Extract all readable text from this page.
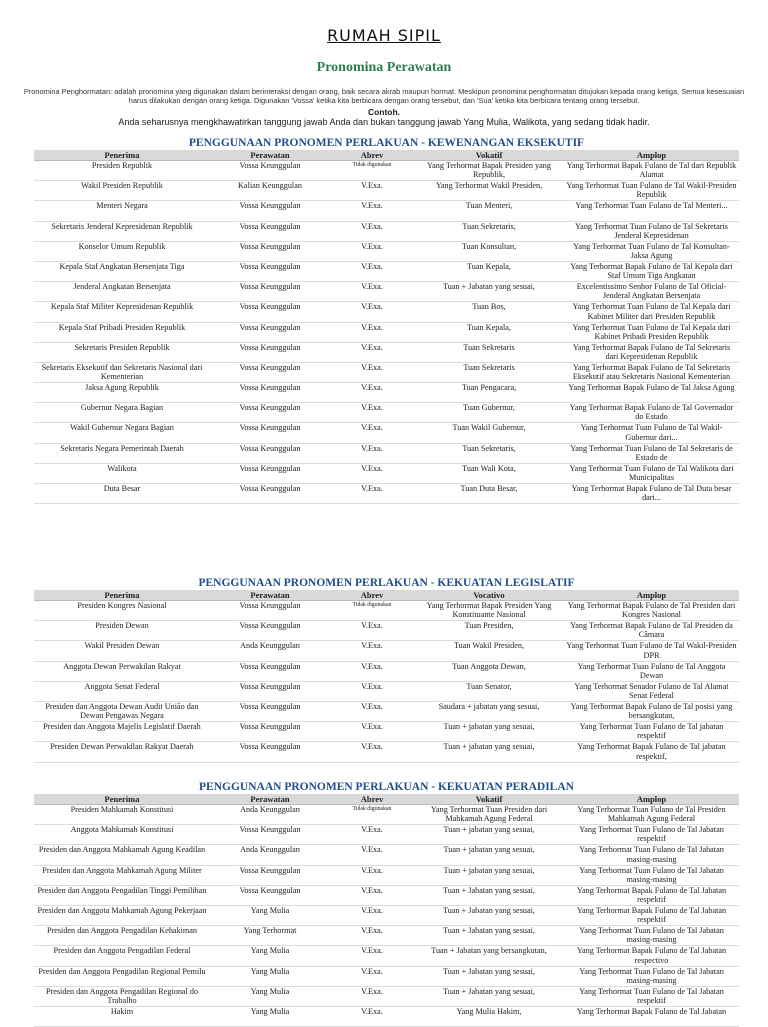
RUMAH SIPIL
Pronomina Perawatan
Pronomina Penghormatan: adalah pronomina yang digunakan dalam berinteraksi dengan orang, baik secara akrab maupun hormat. Meskipun pronomina penghormatan ditujukan kepada orang ketiga, Semua kesesuaian harus dilakukan dengan orang ketiga. Digunakan 'Vossa' ketika kita berbicara dengan orang tersebut, dan 'Sua' ketika kita berbicara tentang orang tersebut.
Contoh.
Anda seharusnya mengkhawatirkan tanggung jawab Anda dan bukan tanggung jawab Yang Mulia, Walikota, yang sedang tidak hadir.
PENGGUNAAN PRONOMEN PERLAKUAN - KEWENANGAN EKSEKUTIF
Penerima	Perawatan	Abrev	Vokatif	Amplop
Presiden Republik	Vossa Keunggulan	Tidak digunakan	Yang Terhormat Bapak Presiden yang Republik,	Yang Terhormat Bapak Fulano de Tal dari Republik Alamat
Wakil Presiden Republik	Kalian Keunggulan	V.Exa.	Yang Terhormat Wakil Presiden,	Yang Terhormat Tuan Fulano de Tal Wakil-Presiden Republik
Menteri Negara	Vossa Keunggulan	V.Exa.	Tuan Menteri,	Yang Terhormat Tuan Fulano de Tal Menteri...
Sekretaris Jenderal Kepresidenan Republik	Vossa Keunggulan	V.Exa.	Tuan Sekretaris,	Yang Terhormat Tuan Fulano de Tal Sekretaris Jenderal Kepresidenan
Konselor Umum Republik	Vossa Keunggulan	V.Exa.	Tuan Konsultan,	Yang Terhormat Tuan Fulano de Tal Konsultan-Jaksa Agung
Kepala Staf Angkatan Bersenjata Tiga	Vossa Keunggulan	V.Exa.	Tuan Kepala,	Yang Terhormat Bapak Fulano de Tal Kepala dari Staf Umum Tiga Angkatan
Jenderal Angkatan Bersenjata	Vossa Keunggulan	V.Exa.	Tuan + Jabatan yang sesuai,	Excelentissimo Senhor Fulano de Tal Oficial-Jenderal Angkatan Bersenjata
Kepala Staf Militer Kepresidenan Republik	Vossa Keunggulan	V.Exa.	Tuan Bos,	Yang Terhormat Tuan Fulano de Tal Kepala dari Kabinet Militer dari Presiden Republik
Kepala Staf Pribadi Presiden Republik	Vossa Keunggulan	V.Exa.	Tuan Kepala,	Yang Terhormat Tuan Fulano de Tal Kepala dari Kabinet Pribadi Presiden Republik
Sekretaris Presiden Republik	Vossa Keunggulan	V.Exa.	Tuan Sekretaris	Yang Terhormat Bapak Fulano de Tal Sekretaris dari Kepresidenan Republik
Sekretaris Eksekutif dan Sekretaris Nasional dari Kementerian	Vossa Keunggulan	V.Exa.	Tuan Sekretaris	Yang Terhormat Bapak Fulano de Tal Sekretaris Eksekutif atau Sekretaris Nasional Kementerian
Jaksa Agung Republik	Vossa Keunggulan	V.Exa.	Tuan Pengacara,	Yang Terhormat Bapak Fulano de Tal Jaksa Agung
Gubernur Negara Bagian	Vossa Keunggulan	V.Exa.	Tuan Gubernur,	Yang Terhormat Bapak Fulano de Tal Governador do Estado
Wakil Gubernur Negara Bagian	Vossa Keunggulan	V.Exa.	Tuan Wakil Gubernur,	Yang Terhormat Tuan Fulano de Tal Wakil-Gubernur dari...
Sekretaris Negara Pemerintah Daerah	Vossa Keunggulan	V.Exa.	Tuan Sekretaris,	Yang Terhormat Tuan Fulano de Tal Sekretaris de Estado de
Walikota	Vossa Keunggulan	V.Exa.	Tuan Wali Kota,	Yang Terhormat Tuan Fulano de Tal Walikota dari Municipalitas
Duta Besar	Vossa Keunggulan	V.Exa.	Tuan Duta Besar,	Yang Terhormat Bapak Fulano de Tal Duta besar dari...
PENGGUNAAN PRONOMEN PERLAKUAN - KEKUATAN LEGISLATIF
Penerima	Perawatan	Abrev	Vocativo	Amplop
Presiden Kongres Nasional	Vossa Keunggulan	Tidak digunakan	Yang Terhormat Bapak Presiden Yang Konstituante Nasional	Yang Terhormat Bapak Fulano de Tal Presiden dari Kongres Nasional
Presiden Dewan	Vossa Keunggulan	V.Exa.	Tuan Presiden,	Yang Terhormat Bapak Fulano de Tal Presiden da Câmara
Wakil Presiden Dewan	Anda Keunggulan	V.Exa.	Tuan Wakil Presiden,	Yang Terhormat Tuan Fulano de Tal Wakil-Presiden DPR
Anggota Dewan Perwakilan Rakyat	Vossa Keunggulan	V.Exa.	Tuan Anggota Dewan,	Yang Terhormat Tuan Fulano de Tal Anggota Dewan
Anggota Senat Federal	Vossa Keunggulan	V.Exa.	Tuan Senator,	Yang Terhormat Senador Fulano de Tal Alamat Senat Federal
Presiden dan Anggota Dewan Audit União dan Dewan Pengawas Negara	Vossa Keunggulan	V.Exa.	Saudara + jabatan yang sesuai,	Yang Terhormat Bapak Fulano de Tal posisi yang bersangkutan,
Presiden dan Anggota Majelis Legislatif Daerah	Vossa Keunggulan	V.Exa.	Tuan + jabatan yang sesuai,	Yang Terhormat Tuan Fulano de Tal jabatan respektif
Presiden Dewan Perwakilan Rakyat Daerah	Vossa Keunggulan	V.Exa.	Tuan + jabatan yang sesuai,	Yang Terhormat Bapak Fulano de Tal jabatan respektif,
PENGGUNAAN PRONOMEN PERLAKUAN - KEKUATAN PERADILAN
Penerima	Perawatan	Abrev	Vokatif	Amplop
Presiden Mahkamah Konstitusi	Anda Keunggulan	Tidak digunakan	Yang Terhormat Tuan Presiden dari Mahkamah Agung Federal	Yang Terhormat Tuan Fulano de Tal Presiden Mahkamah Agung Federal
Anggota Mahkamah Konstitusi	Vossa Keunggulan	V.Exa.	Tuan + jabatan yang sesuai,	Yang Terhormat Tuan Fulano de Tal Jabatan respektif
Presiden dan Anggota Mahkamah Agung Keadilan	Anda Keunggulan	V.Exa.	Tuan + jabatan yang sesuai,	Yang Terhormat Tuan Fulano de Tal Jabatan masing-masing
Presiden dan Anggota Mahkamah Agung Militer	Vossa Keunggulan	V.Exa.	Tuan + jabatan yang sesuai,	Yang Terhormat Tuan Fulano de Tal Jabatan masing-masing
Presiden dan Anggota Pengadilan Tinggi Pemilihan	Vossa Keunggulan	V.Exa.	Tuan + Jabatan yang sesuai,	Yang Terhormat Bapak Fulano de Tal Jabatan respektif
Presiden dan Anggota Mahkamah Agung Pekerjaan	Yang Mulia	V.Exa.	Tuan + Jabatan yang sesuai,	Yang Terhormat Bapak Fulano de Tal Jabatan respektif
Presiden dan Anggota Pengadilan Kehakiman	Yang Terhormat	V.Exa.	Tuan + Jabatan yang sesuai,	Yang Terhormat Tuan Fulano de Tal Jabatan masing-masing
Presiden dan Anggota Pengadilan Federal	Yang Mulia	V.Exa.	Tuan + Jabatan yang bersangkutan,	Yang Terhormat Bapak Fulano de Tal Jabatan respectivo
Presiden dan Anggota Pengadilan Regional Pemilu	Yang Mulia	V.Exa.	Tuan + Jabatan yang sesuai,	Yang Terhormat Tuan Fulano de Tal Jabatan masing-masing
Presiden dan Anggota Pengadilan Regional do Trabalho	Yang Mulia	V.Exa.	Tuan + Jabatan yang sesuai,	Yang Terhormat Tuan Fulano de Tal Jabatan respektif
Hakim	Yang Mulia	V.Exa.	Yang Mulia Hakim,	Yang Terhormat Bapak Fulano de Tal Jabatan
